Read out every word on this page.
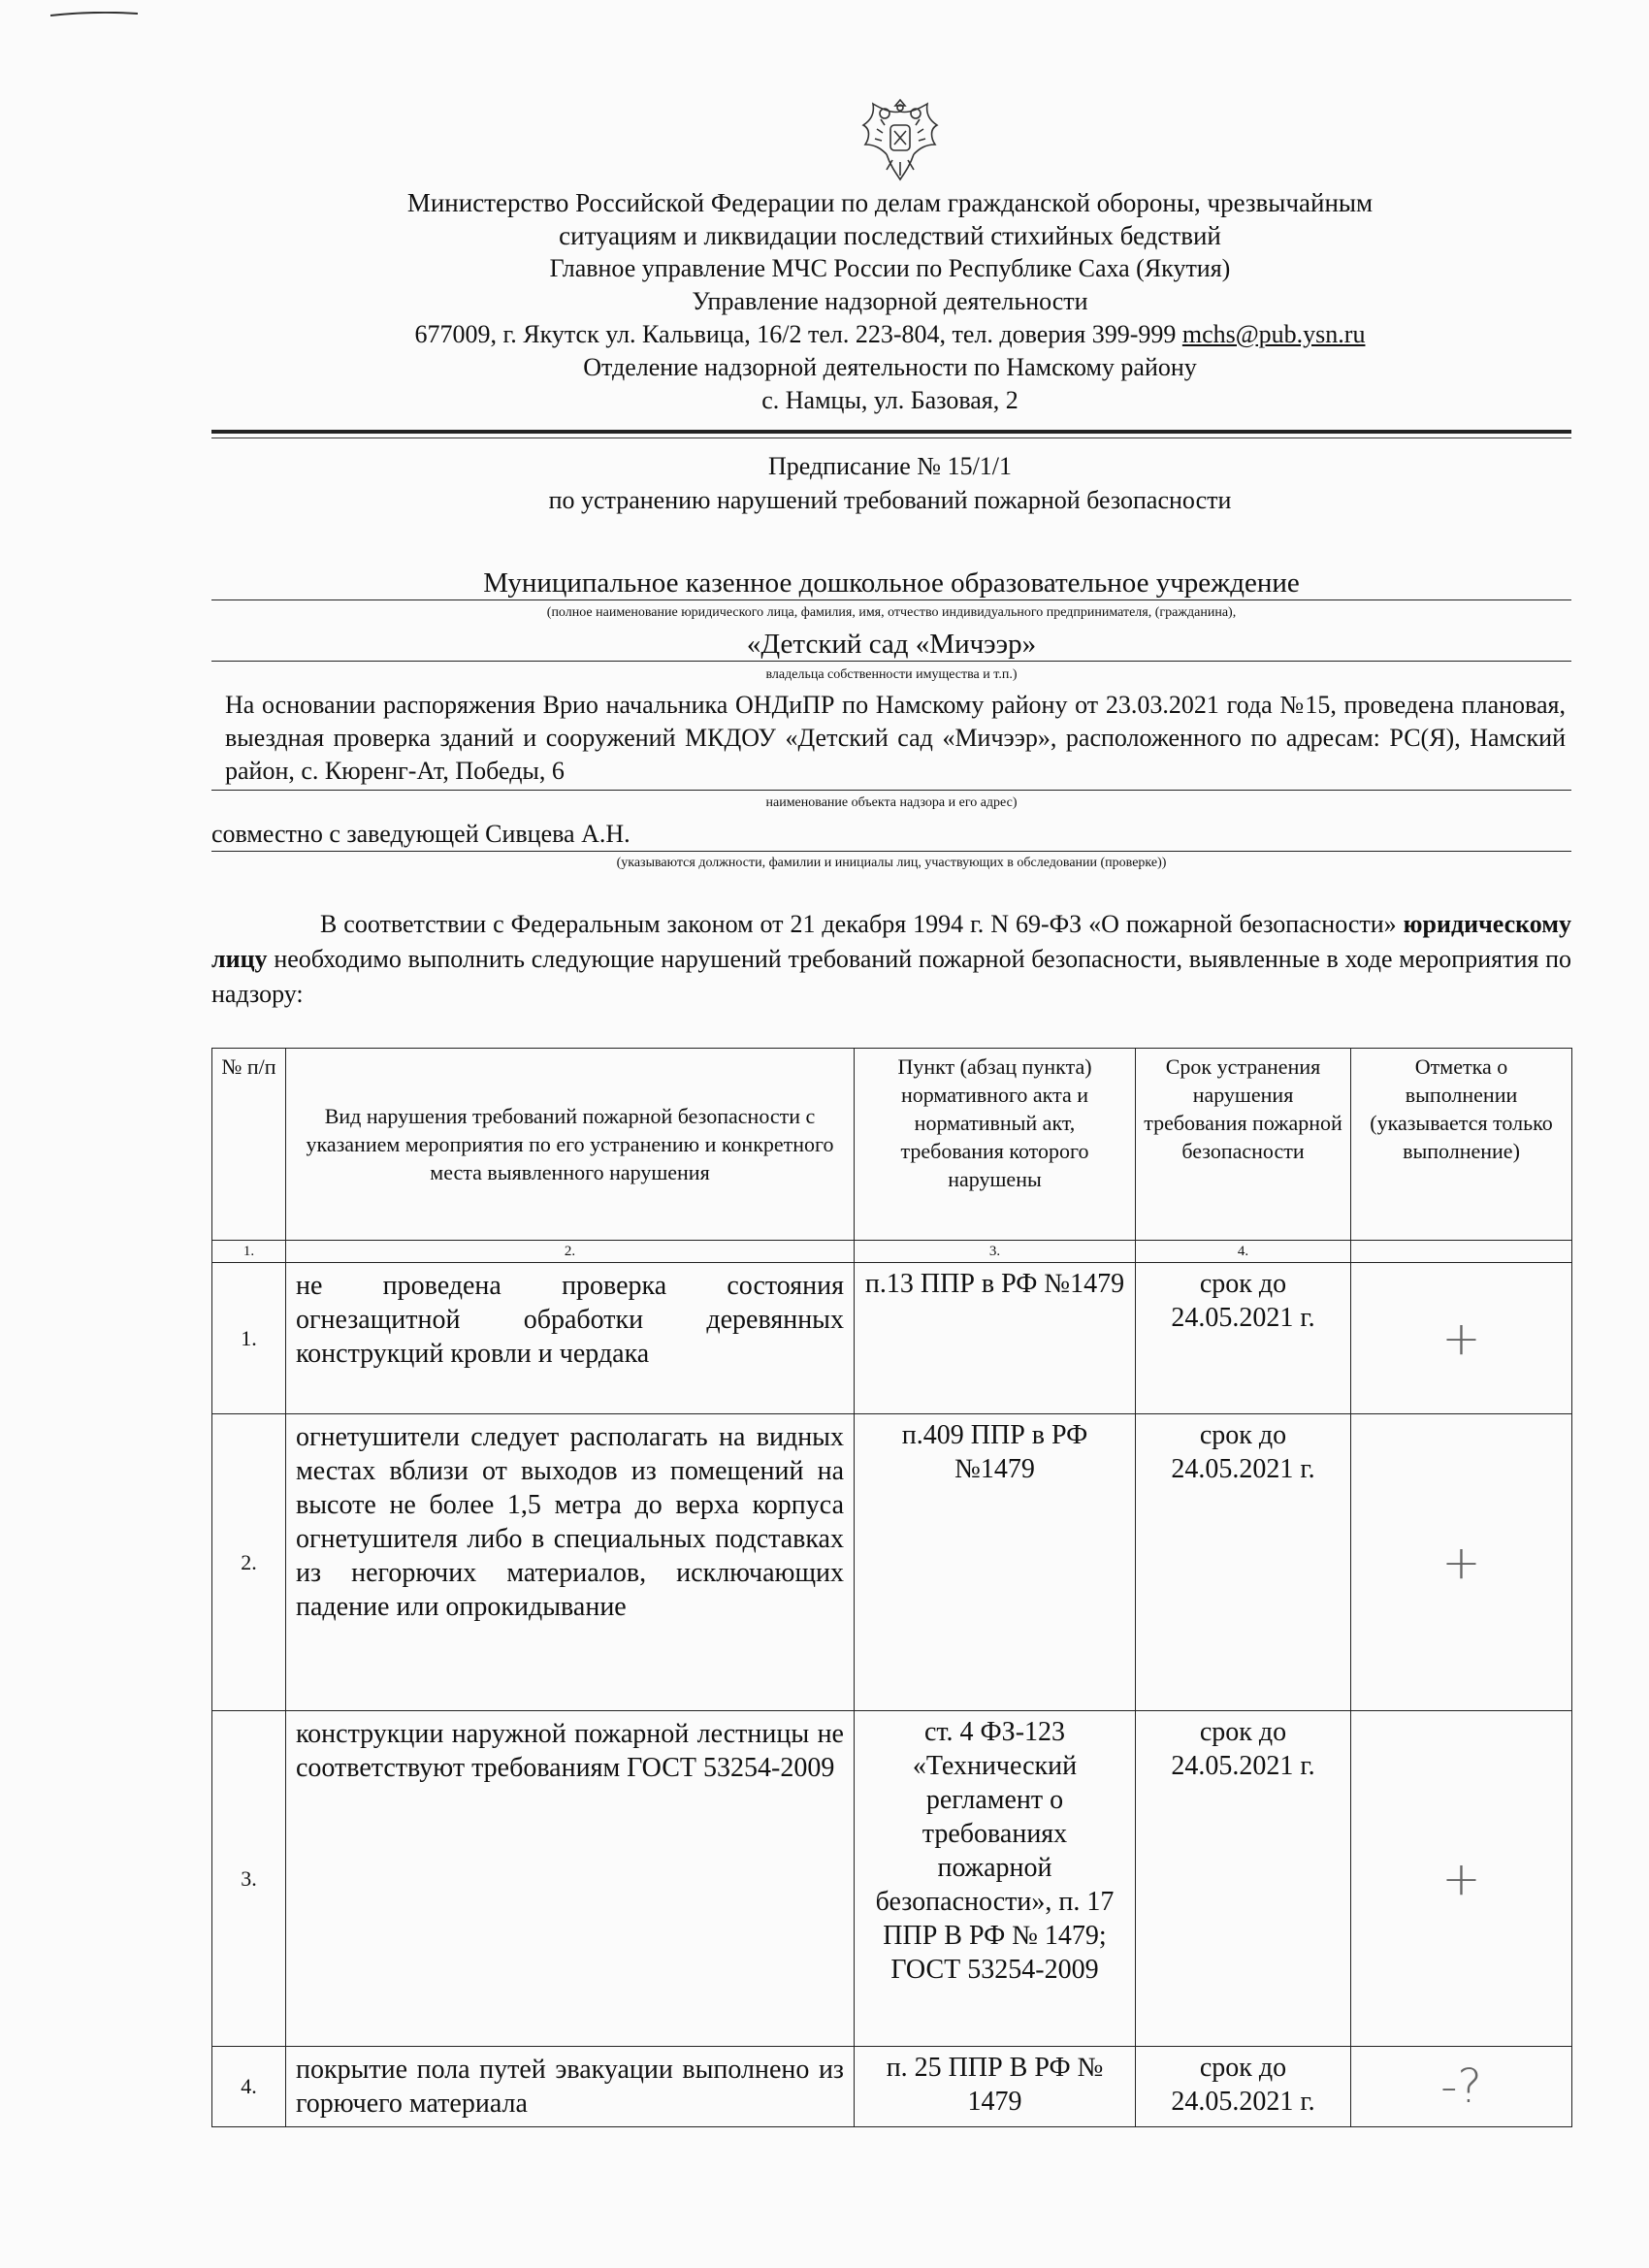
Министерство Российской Федерации по делам гражданской обороны, чрезвычайным
ситуациям и ликвидации последствий стихийных бедствий
Главное управление МЧС России по Республике Саха (Якутия)
Управление надзорной деятельности
677009, г. Якутск ул. Кальвица, 16/2 тел. 223-804, тел. доверия 399-999 mchs@pub.ysn.ru
Отделение надзорной деятельности по Намскому району
с. Намцы, ул. Базовая, 2
Предписание № 15/1/1
по устранению нарушений требований пожарной безопасности
Муниципальное казенное дошкольное образовательное учреждение
(полное наименование юридического лица, фамилия, имя, отчество индивидуального предпринимателя, (гражданина),
«Детский сад «Мичээр»
владельца собственности имущества и т.п.)
На основании распоряжения Врио начальника ОНДиПР по Намскому району от 23.03.2021 года №15, проведена плановая, выездная проверка зданий и сооружений МКДОУ «Детский сад «Мичээр», расположенного по адресам: РС(Я), Намский район, с. Кюренг-Ат, Победы, 6
наименование объекта надзора и его адрес)
совместно с заведующей Сивцева А.Н.
(указываются должности, фамилии и инициалы лиц, участвующих в обследовании (проверке))

В соответствии с Федеральным законом от 21 декабря 1994 г. N 69-ФЗ «О пожарной безопасности» юридическому лицу необходимо выполнить следующие нарушений требований пожарной безопасности, выявленные в ходе мероприятия по надзору:

№ п/п	Вид нарушения требований пожарной безопасности с указанием мероприятия по его устранению и конкретного места выявленного нарушения	Пункт (абзац пункта) нормативного акта и нормативный акт, требования которого нарушены	Срок устранения нарушения требования пожарной безопасности	Отметка о выполнении (указывается только выполнение)
1.	2.	3.	4.	
1.	не проведена проверка состояния огнезащитной обработки деревянных конструкций кровли и чердака	п.13 ППР в РФ №1479	срок до 24.05.2021 г.	+
2.	огнетушители следует располагать на видных местах вблизи от выходов из помещений на высоте не более 1,5 метра до верха корпуса огнетушителя либо в специальных подставках из негорючих материалов, исключающих падение или опрокидывание	п.409 ППР в РФ №1479	срок до 24.05.2021 г.	+
3.	конструкции наружной пожарной лестницы не соответствуют требованиям ГОСТ 53254-2009	ст. 4 ФЗ-123 «Технический регламент о требованиях пожарной безопасности», п. 17 ППР В РФ № 1479; ГОСТ 53254-2009	срок до 24.05.2021 г.	+
4.	покрытие пола путей эвакуации выполнено из горючего материала	п. 25 ППР В РФ № 1479	срок до 24.05.2021 г.	-?
